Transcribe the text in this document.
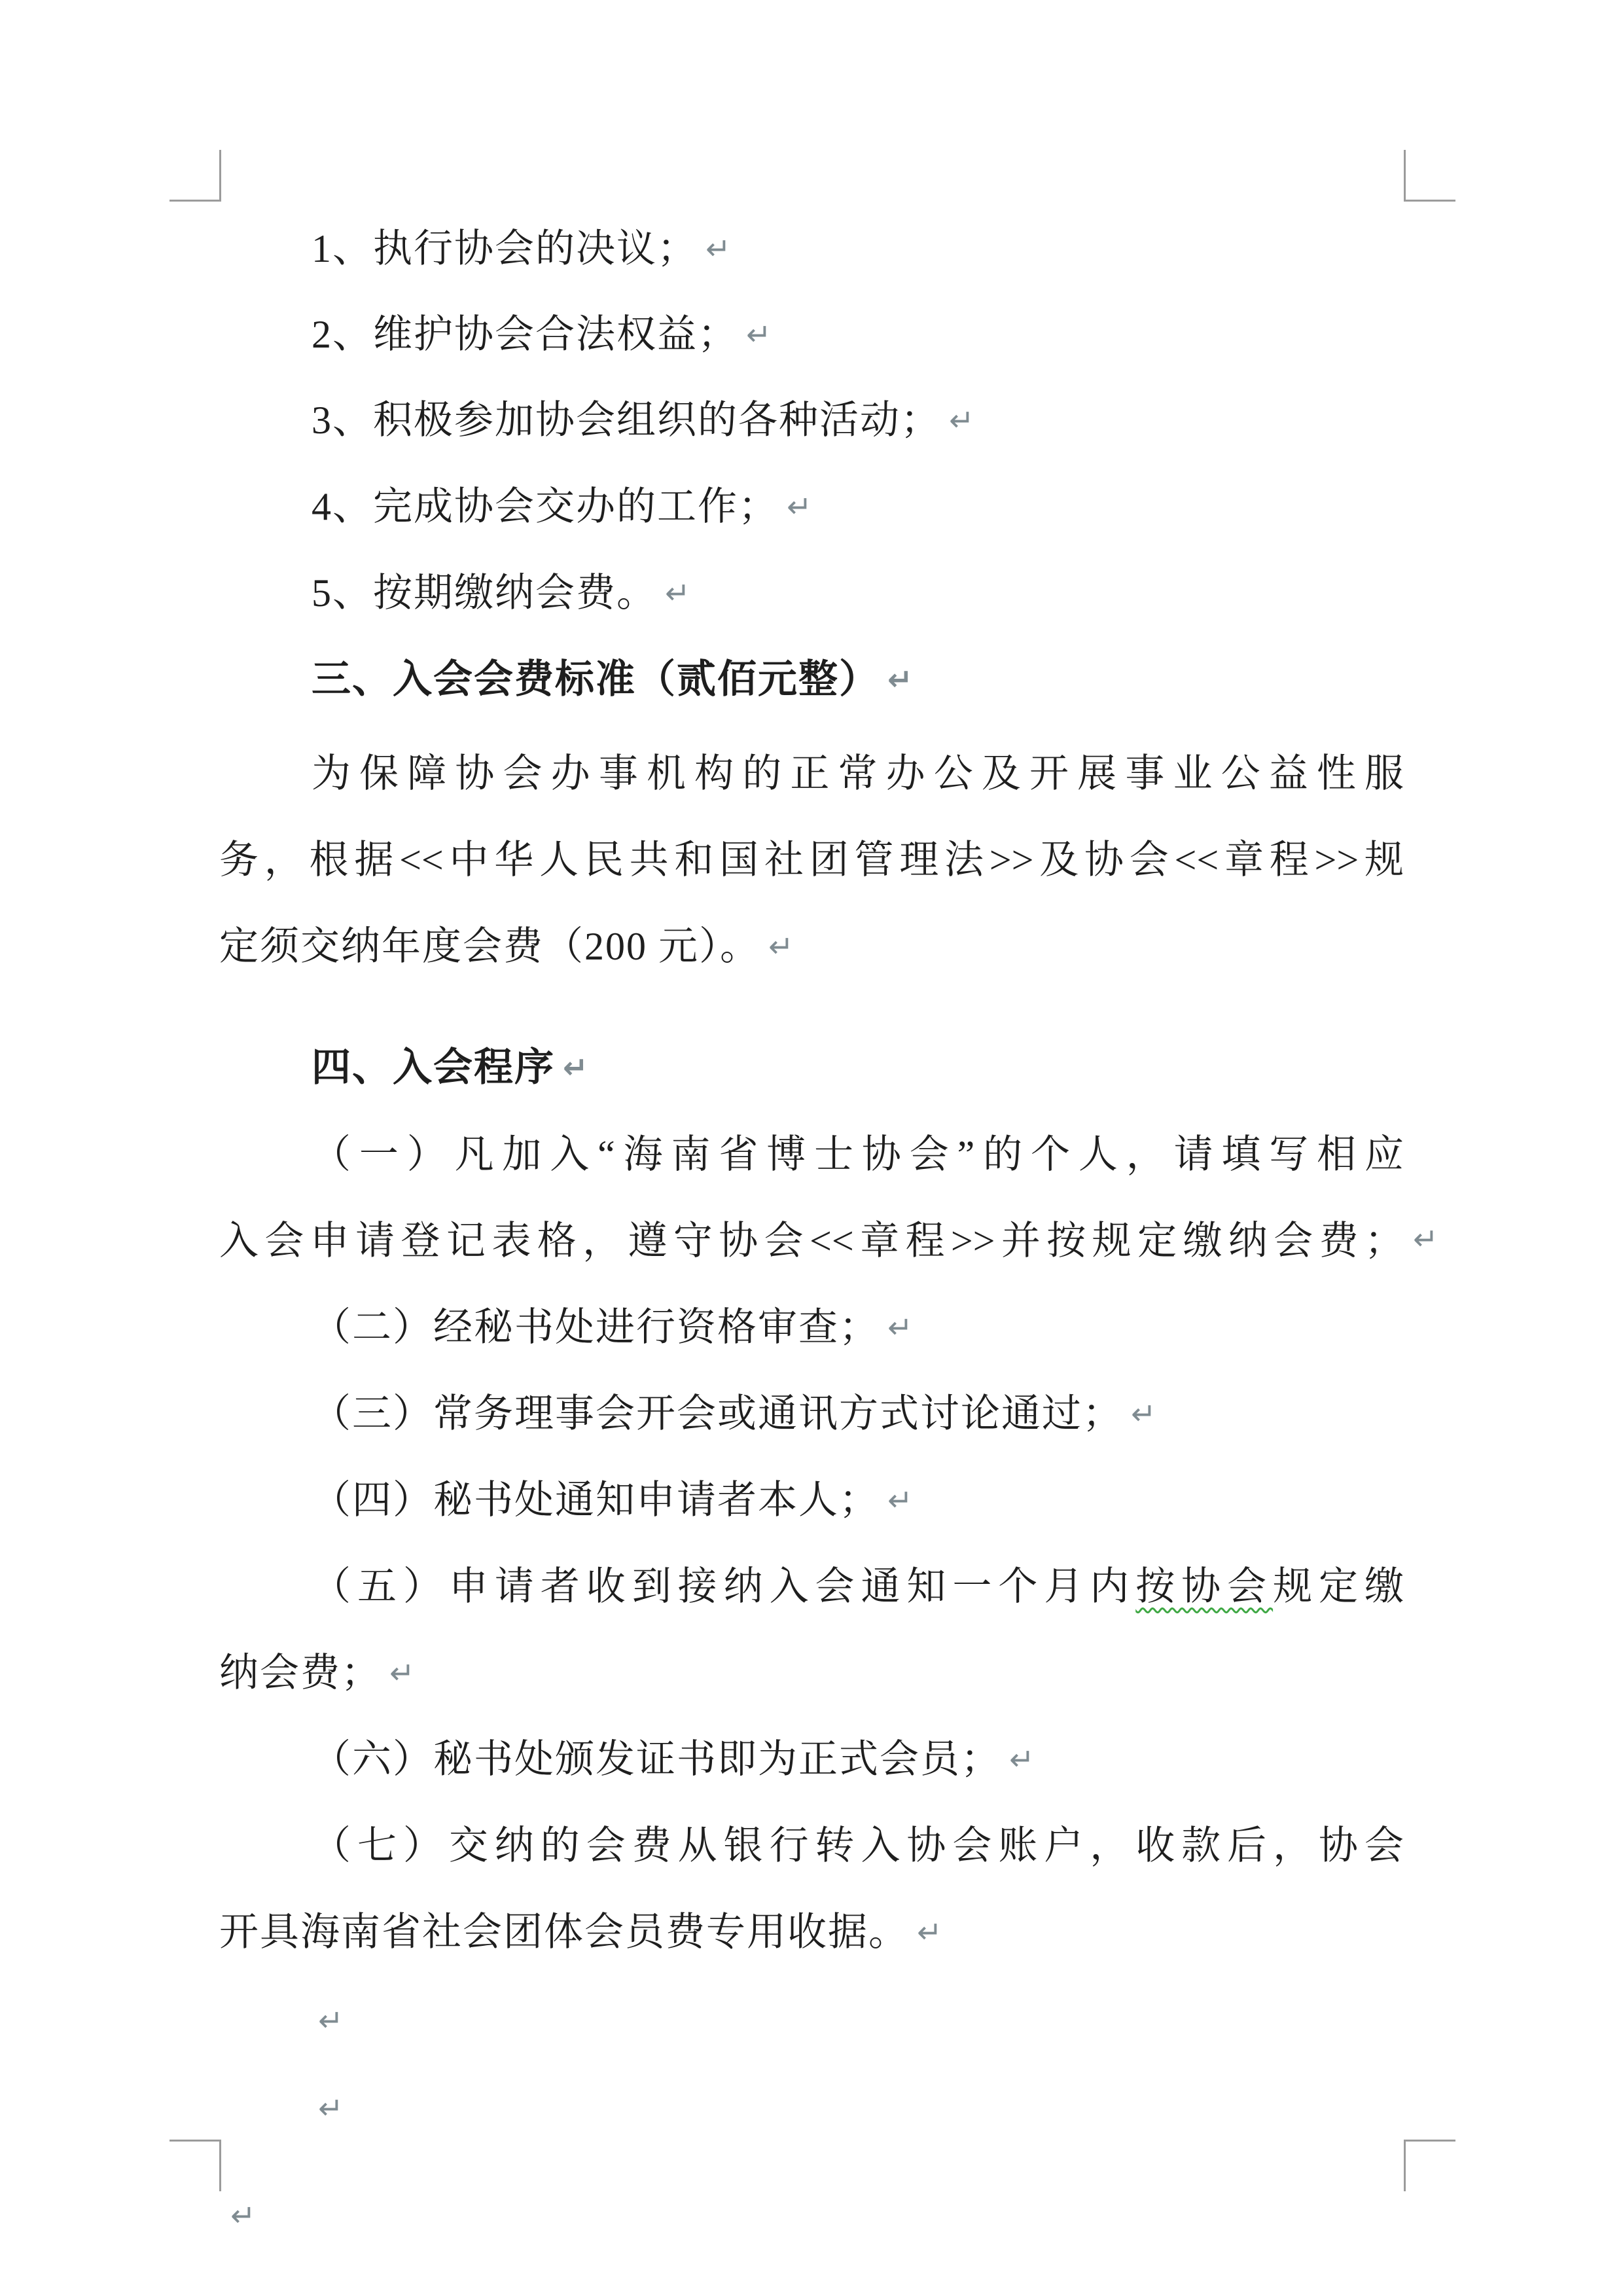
1、执行协会的决议； ↵
2、维护协会合法权益； ↵
3、积极参加协会组织的各种活动； ↵
4、完成协会交办的工作； ↵
5、按期缴纳会费。 ↵
三、入会会费标准（贰佰元整） ↵
为保障协会办事机构的正常办公及开展事业公益性服
务，根据<<中华人民共和国社团管理法>>及协会<<章程>>规
定须交纳年度会费（200 元）。 ↵
四、入会程序 ↵
（一）凡加入“海南省博士协会”的个人，请填写相应
入会申请登记表格，遵守协会<<章程>>并按规定缴纳会费； ↵
（二）经秘书处进行资格审查； ↵
（三）常务理事会开会或通讯方式讨论通过； ↵
（四）秘书处通知申请者本人； ↵
（五）申请者收到接纳入会通知一个月内按协会规定缴
纳会费； ↵
（六）秘书处颁发证书即为正式会员； ↵
（七）交纳的会费从银行转入协会账户，收款后，协会
开具海南省社会团体会员费专用收据。 ↵
↵
↵
↵
